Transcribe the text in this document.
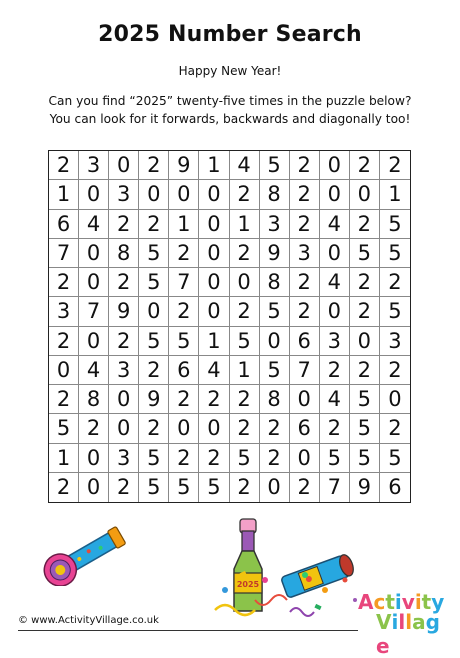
2025 Number Search
Happy New Year!
Can you find “2025” twenty-five times in the puzzle below?
You can look for it forwards, backwards and diagonally too!
2 3 0 2 9 1 4 5 2 0 2 2
1 0 3 0 0 0 2 8 2 0 0 1
6 4 2 2 1 0 1 3 2 4 2 5
7 0 8 5 2 0 2 9 3 0 5 5
2 0 2 5 7 0 0 8 2 4 2 2
3 7 9 0 2 0 2 5 2 0 2 5
2 0 2 5 5 1 5 0 6 3 0 3
0 4 3 2 6 4 1 5 7 2 2 2
2 8 0 9 2 2 2 8 0 4 5 0
5 2 0 2 0 0 2 2 6 2 5 2
1 0 3 5 2 2 5 2 0 5 5 5
2 0 2 5 5 5 2 0 2 7 9 6
2025
© www.ActivityVillage.co.uk
Activity
Village
